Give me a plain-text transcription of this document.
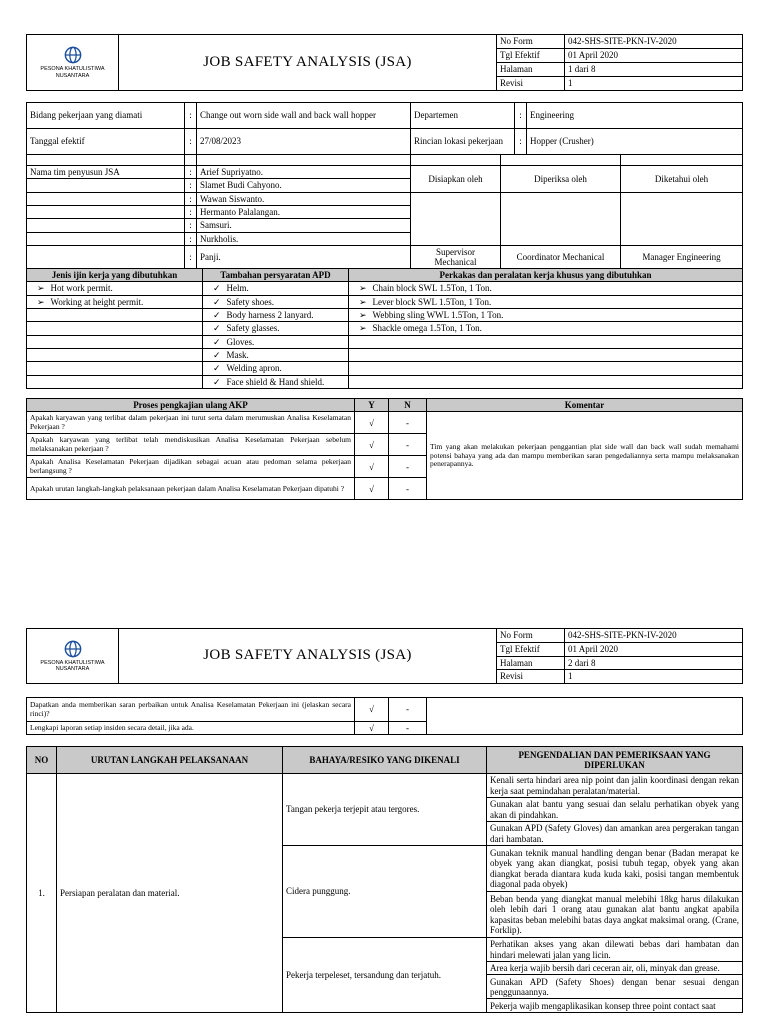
PESONA KHATULISTIWA NUSANTARA	JOB SAFETY ANALYSIS (JSA)	No Form	042-SHS-SITE-PKN-IV-2020
		Tgl Efektif	01 April 2020
		Halaman	1 dari 8
		Revisi	1
Bidang pekerjaan yang diamati	:	Change out worn side wall and back wall hopper	Departemen	:	Engineering
Tanggal efektif	:	27/08/2023	Rincian lokasi pekerjaan	:	Hopper (Crusher)

Nama tim penyusun JSA	:	Arief Supriyatno.	Disiapkan oleh	Diperiksa oleh	Diketahui oleh
	:	Slamet Budi Cahyono.			
	:	Wawan Siswanto.			
	:	Hermanto Palalangan.			
	:	Samsuri.			
	:	Nurkholis.			
	:	Panji.	Supervisor Mechanical	Coordinator Mechanical	Manager Engineering
Jenis ijin kerja yang dibutuhkan	Tambahan persyaratan APD	Perkakas dan peralatan kerja khusus yang dibutuhkan
➢ Hot work permit.	✓ Helm.	➢ Chain block SWL 1.5Ton, 1 Ton.
➢ Working at height permit.	✓ Safety shoes.	➢ Lever block SWL 1.5Ton, 1 Ton.
	✓ Body harness 2 lanyard.	➢ Webbing sling WWL 1.5Ton, 1 Ton.
	✓ Safety glasses.	➢ Shackle omega 1.5Ton, 1 Ton.
	✓ Gloves.	
	✓ Mask.	
	✓ Welding apron.	
	✓ Face shield & Hand shield.	
Proses pengkajian ulang AKP	Y	N	Komentar
Apakah karyawan yang terlibat dalam pekerjaan ini turut serta dalam merumuskan Analisa Keselamatan Pekerjaan ?	√	-	Tim yang akan melakukan pekerjaan penggantian plat side wall dan back wall sudah memahami potensi bahaya yang ada dan mampu memberikan saran pengedaliannya serta mampu melaksanakan penerapannya.
Apakah karyawan yang terlibat telah mendiskusikan Analisa Keselamatan Pekerjaan sebelum melaksanakan pekerjaan ?	√	-	
Apakah Analisa Keselamatan Pekerjaan dijadikan sebagai acuan atau pedoman selama pekerjaan berlangsung ?	√	-	
Apakah urutan langkah-langkah pelaksanaan pekerjaan dalam Analisa Keselamatan Pekerjaan dipatuhi ?	√	-	
PESONA KHATULISTIWA NUSANTARA	JOB SAFETY ANALYSIS (JSA)	No Form	042-SHS-SITE-PKN-IV-2020
		Tgl Efektif	01 April 2020
		Halaman	2 dari 8
		Revisi	1
Dapatkan anda memberikan saran perbaikan untuk Analisa Keselamatan Pekerjaan ini (jelaskan secara rinci)?	√	-	
Lengkapi laporan setiap insiden secara detail, jika ada.	√	-	
NO	URUTAN LANGKAH PELAKSANAAN	BAHAYA/RESIKO YANG DIKENALI	PENGENDALIAN DAN PEMERIKSAAN YANG DIPERLUKAN
1.	Persiapan peralatan dan material.	Tangan pekerja terjepit atau tergores.	Kenali serta hindari area nip point dan jalin koordinasi dengan rekan kerja saat pemindahan peralatan/material.
			Gunakan alat bantu yang sesuai dan selalu perhatikan obyek yang akan di pindahkan.
			Gunakan APD (Safety Gloves) dan amankan area pergerakan tangan dari hambatan.
		Cidera punggung.	Gunakan teknik manual handling dengan benar (Badan merapat ke obyek yang akan diangkat, posisi tubuh tegap, obyek yang akan diangkat berada diantara kuda kuda kaki, posisi tangan membentuk diagonal pada obyek)
			Beban benda yang diangkat manual melebihi 18kg harus dilakukan oleh lebih dari 1 orang atau gunakan alat bantu angkat apabila kapasitas beban melebihi batas daya angkat maksimal orang. (Crane, Forklip).
		Pekerja terpeleset, tersandung dan terjatuh.	Perhatikan akses yang akan dilewati bebas dari hambatan dan hindari melewati jalan yang licin.
			Area kerja wajib bersih dari ceceran air, oli, minyak dan grease.
			Gunakan APD (Safety Shoes) dengan benar sesuai dengan penggunaannya.
			Pekerja wajib mengaplikasikan konsep three point contact saat
